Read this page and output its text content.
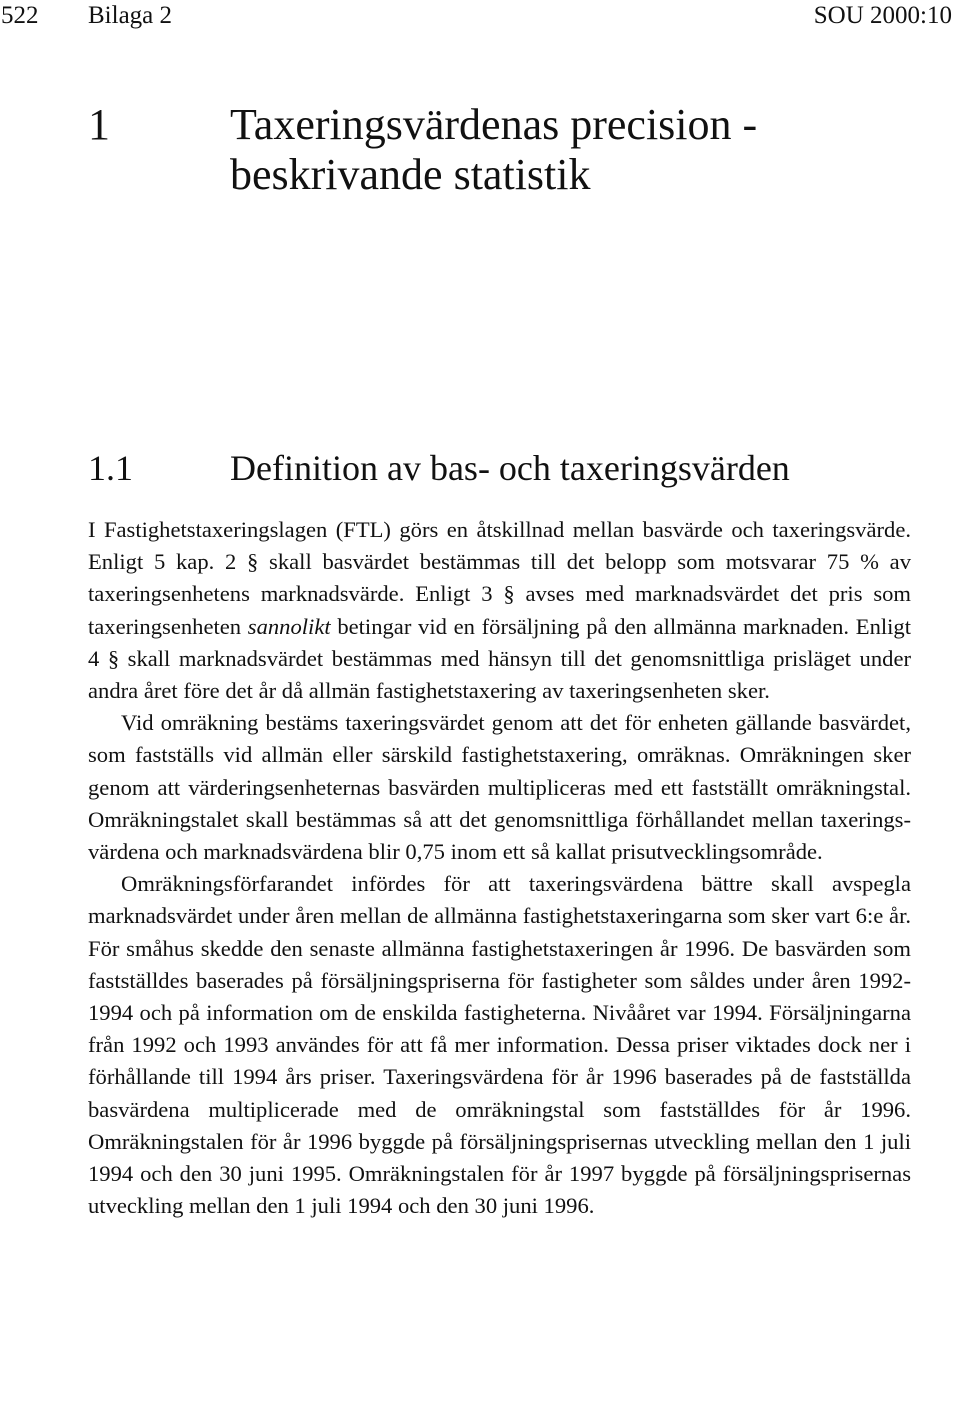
522 Bilaga 2	SOU 2000:10
1	Taxeringsvärdenas precision -
beskrivande statistik
1.1	Definition av bas- och taxeringsvärden

I Fastighetstaxeringslagen (FTL) görs en åtskillnad mellan basvärde och taxeringsvärde. Enligt 5 kap. 2 § skall basvärdet bestämmas till det belopp som motsvarar 75 % av taxeringsenhetens marknadsvärde. Enligt 3 § avses med marknadsvärdet det pris som taxeringsenheten sannolikt betingar vid en försäljning på den allmänna marknaden. Enligt 4 § skall marknadsvärdet bestämmas med hänsyn till det genomsnittliga prisläget under andra året före det år då allmän fastighetstaxering av taxeringsenheten sker.

Vid omräkning bestäms taxeringsvärdet genom att det för enheten gällande basvärdet, som fastställs vid allmän eller särskild fastighetstaxering, omräknas. Omräkningen sker genom att värderingsenheternas basvärden multipliceras med ett fastställt omräkningstal. Omräkningstalet skall bestämmas så att det genomsnittliga förhållandet mellan taxeringsvärdena och marknadsvärdena blir 0,75 inom ett så kallat prisutvecklingsområde.

Omräkningsförfarandet infördes för att taxeringsvärdena bättre skall avspegla marknadsvärdet under åren mellan de allmänna fastighetstaxeringarna som sker vart 6:e år. För småhus skedde den senaste allmänna fastighetstaxeringen år 1996. De basvärden som fastställdes baserades på försäljningspriserna för fastigheter som såldes under åren 1992-1994 och på information om de enskilda fastigheterna. Nivååret var 1994. Försäljningarna från 1992 och 1993 användes för att få mer information. Dessa priser viktades dock ner i förhållande till 1994 års priser. Taxeringsvärdena för år 1996 baserades på de fastställda basvärdena multiplicerade med de omräkningstal som fastställdes för år 1996. Omräkningstalen för år 1996 byggde på försäljningsprisernas utveckling mellan den 1 juli 1994 och den 30 juni 1995. Omräkningstalen för år 1997 byggde på försäljningsprisernas utveckling mellan den 1 juli 1994 och den 30 juni 1996.
